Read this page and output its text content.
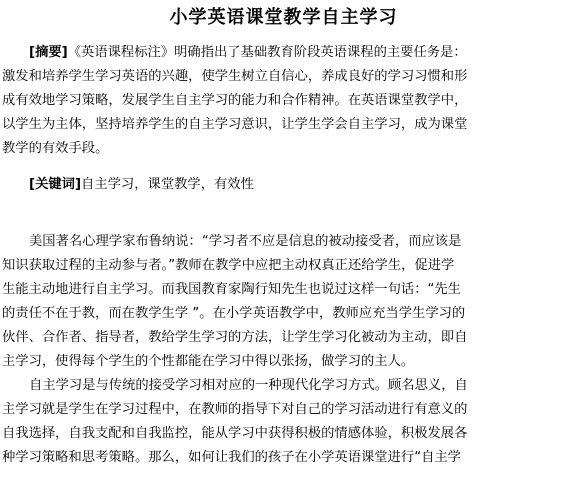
小学英语课堂教学自主学习
[摘要]《英语课程标注》明确指出了基础教育阶段英语课程的主要任务是：
激发和培养学生学习英语的兴趣，使学生树立自信心，养成良好的学习习惯和形
成有效地学习策略，发展学生自主学习的能力和合作精神。在英语课堂教学中，
以学生为主体，坚持培养学生的自主学习意识，让学生学会自主学习，成为课堂
教学的有效手段。
[关键词]自主学习，课堂教学，有效性
美国著名心理学家布鲁纳说：“学习者不应是信息的被动接受者，而应该是
知识获取过程的主动参与者。”教师在教学中应把主动权真正还给学生，促进学
生能主动地进行自主学习。而我国教育家陶行知先生也说过这样一句话：“先生
的责任不在于教，而在教学生学 ”。在小学英语教学中，教师应充当学生学习的
伙伴、合作者、指导者，教给学生学习的方法，让学生学习化被动为主动，即自
主学习，使得每个学生的个性都能在学习中得以张扬，做学习的主人。
自主学习是与传统的接受学习相对应的一种现代化学习方式。顾名思义，自
主学习就是学生在学习过程中，在教师的指导下对自己的学习活动进行有意义的
自我选择，自我支配和自我监控，能从学习中获得积极的情感体验，积极发展各
种学习策略和思考策略。那么，如何让我们的孩子在小学英语课堂进行“自主学
